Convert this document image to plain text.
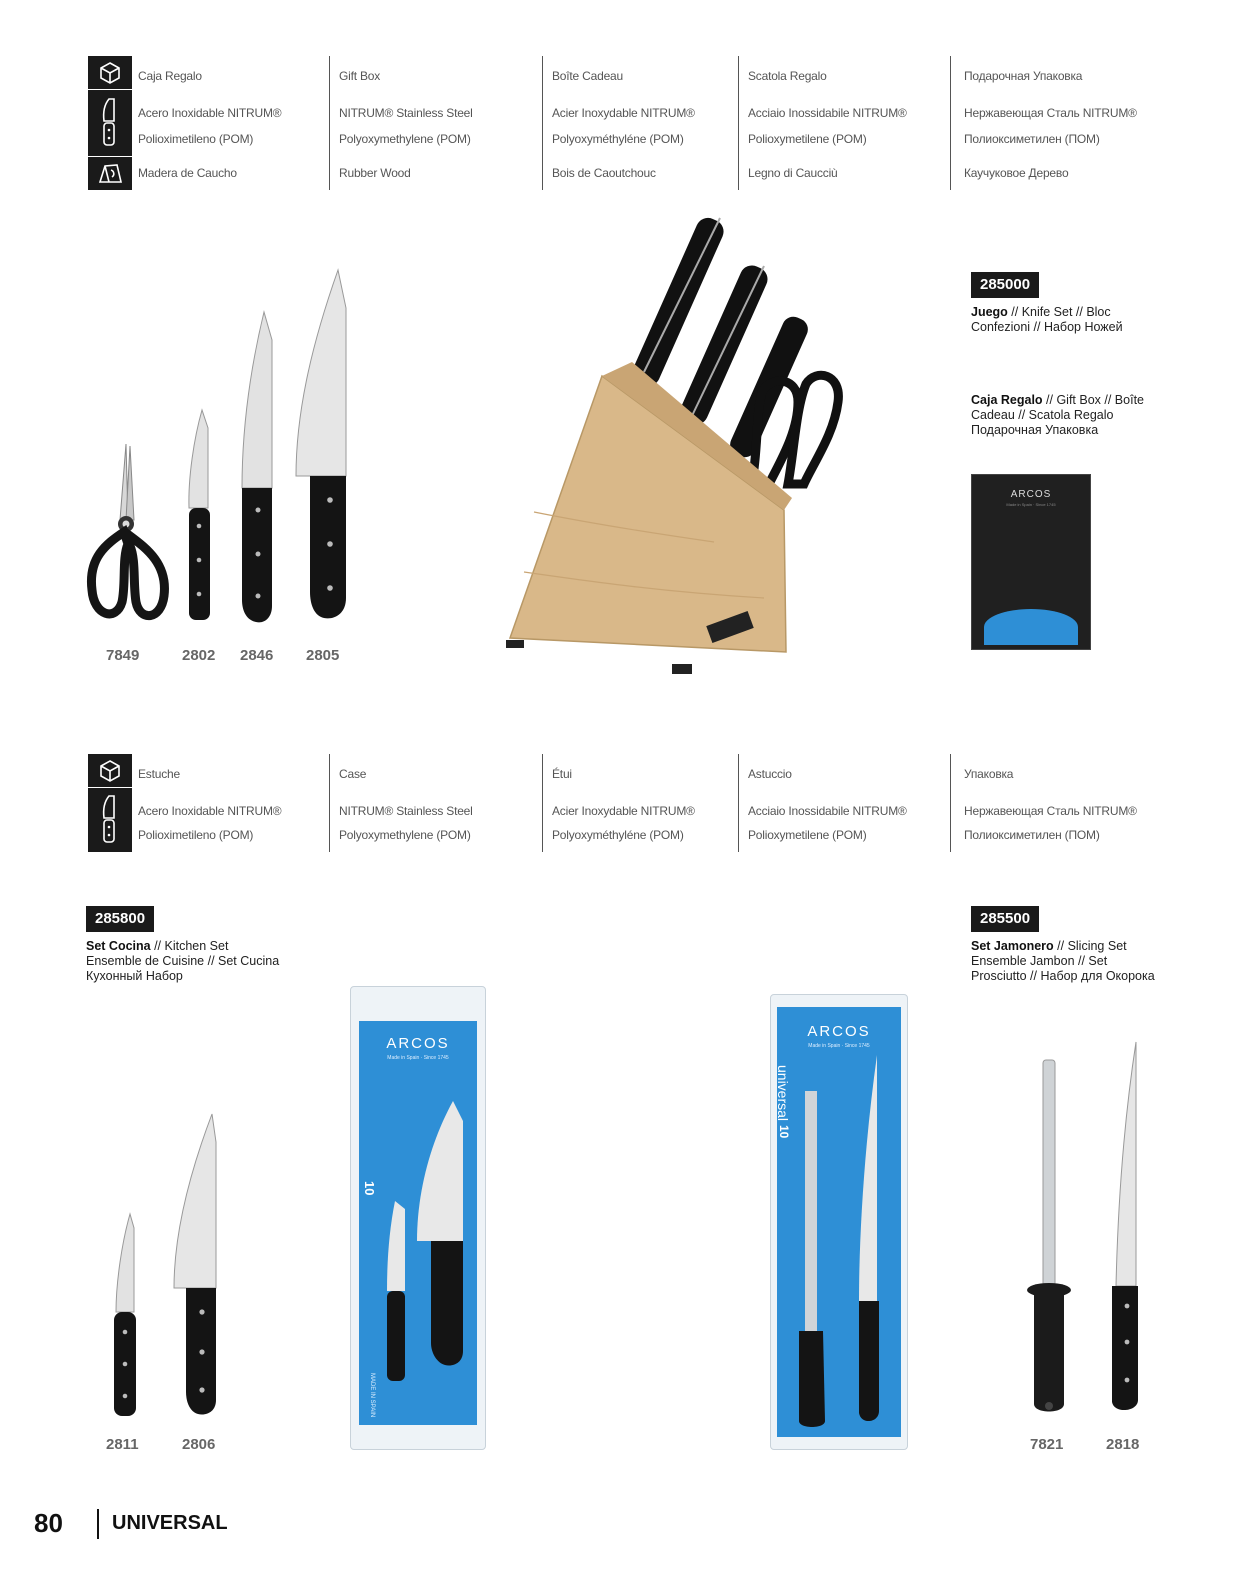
Caja Regalo	Gift Box	Boîte Cadeau	Scatola Regalo	Подарочная Упаковка
Acero Inoxidable NITRUM®	NITRUM® Stainless Steel	Acier Inoxydable NITRUM®	Acciaio Inossidabile NITRUM®	Нержавеющая Сталь NITRUM®
Polioximetileno (POM)	Polyoxymethylene (POM)	Polyoxyméthyléne (POM)	Polioxymetilene (POM)	Полиоксиметилен (ПОМ)
Madera de Caucho	Rubber Wood	Bois de Caoutchouc	Legno di Caucciù	Каучуковое Дерево
7849	2802 2846 2805
285000
Juego // Knife Set // Bloc
Confezioni // Набор Ножей
Caja Regalo // Gift Box // Boîte
Cadeau // Scatola Regalo
Подарочная Упаковка
ARCOS
Made in Spain · Since 1745
Estuche	Case	Étui	Astuccio	Упаковка
Acero Inoxidable NITRUM®	NITRUM® Stainless Steel	Acier Inoxydable NITRUM®	Acciaio Inossidabile NITRUM®	Нержавеющая Сталь NITRUM®
Polioximetileno (POM)	Polyoxymethylene (POM)	Polyoxyméthyléne (POM)	Polioxymetilene (POM)	Полиоксиметилен (ПОМ)
285800
Set Cocina // Kitchen Set
Ensemble de Cuisine // Set Cucina
Кухонный Набор
2811	2806
ARCOS
Made in Spain · Since 1745
universal
10
MADE IN SPAIN
285500
Set Jamonero // Slicing Set
Ensemble Jambon // Set
Prosciutto // Набор для Окорока
ARCOS
Made in Spain · Since 1745
universal
10
7821	2818
80 UNIVERSAL
